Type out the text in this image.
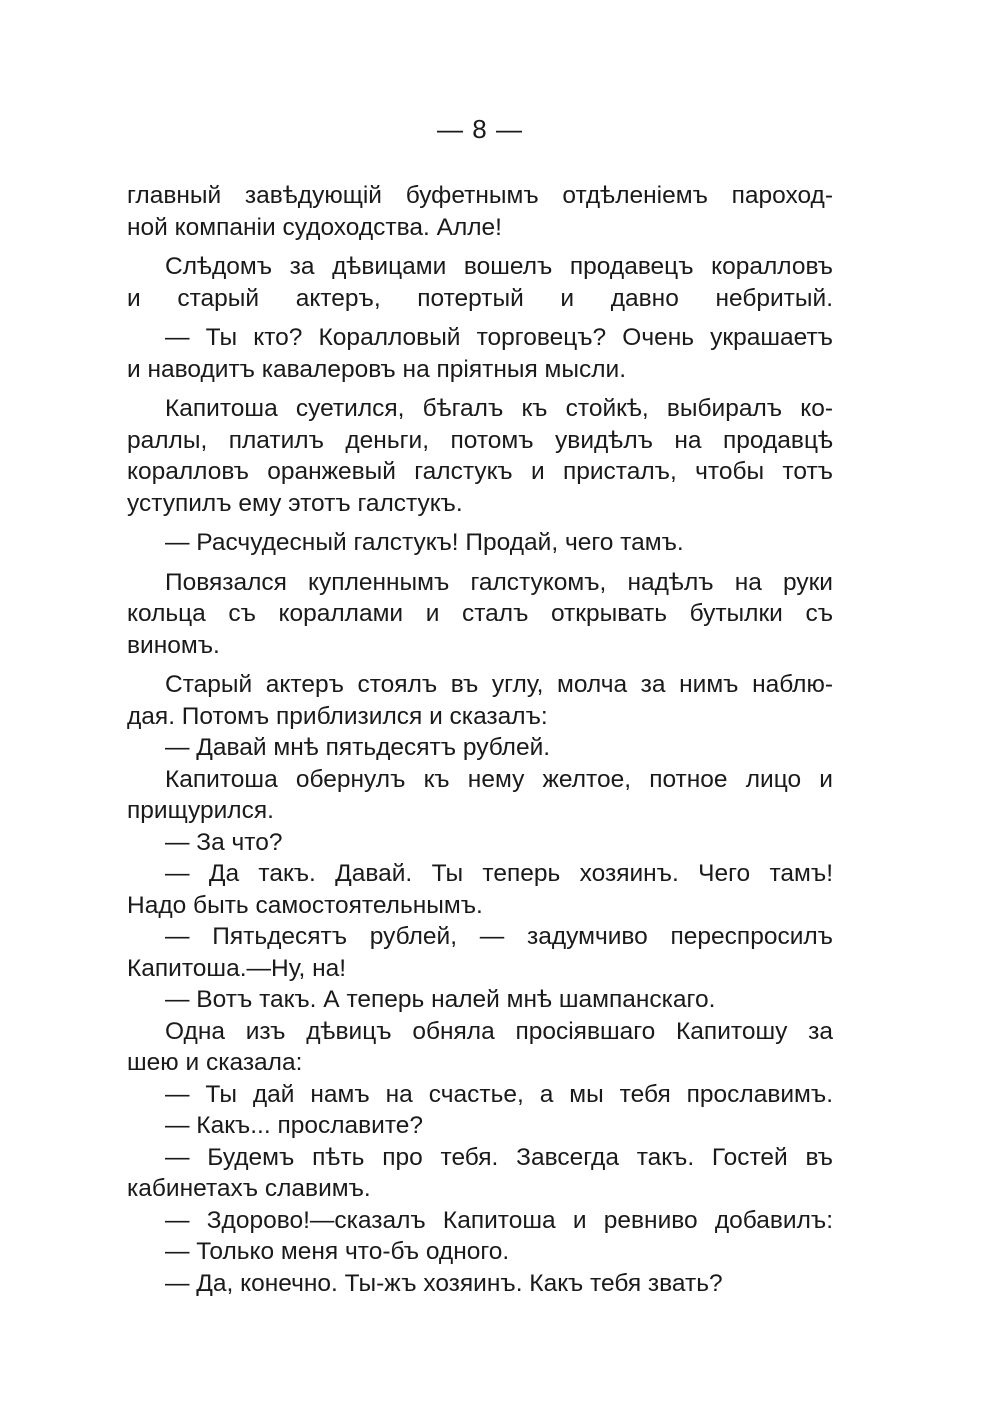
— 8 —
главный завѣдующій буфетнымъ отдѣленіемъ пароход-
ной компаніи судоходства. Алле!
Слѣдомъ за дѣвицами вошелъ продавецъ коралловъ
и старый актеръ, потертый и давно небритый.
— Ты кто? Коралловый торговецъ? Очень украшаетъ
и наводитъ кавалеровъ на пріятныя мысли.
Капитоша суетился, бѣгалъ къ стойкѣ, выбиралъ ко-
раллы, платилъ деньги, потомъ увидѣлъ на продавцѣ
коралловъ оранжевый галстукъ и присталъ, чтобы тотъ
уступилъ ему этотъ галстукъ.
— Расчудесный галстукъ! Продай, чего тамъ.
Повязался купленнымъ галстукомъ, надѣлъ на руки
кольца съ кораллами и сталъ открывать бутылки съ
виномъ.
Старый актеръ стоялъ въ углу, молча за нимъ наблю-
дая. Потомъ приблизился и сказалъ:
— Давай мнѣ пятьдесятъ рублей.
Капитоша обернулъ къ нему желтое, потное лицо и
прищурился.
— За что?
— Да такъ. Давай. Ты теперь хозяинъ. Чего тамъ!
Надо быть самостоятельнымъ.
— Пятьдесятъ рублей, — задумчиво переспросилъ
Капитоша.—Ну, на!
— Вотъ такъ. А теперь налей мнѣ шампанскаго.
Одна изъ дѣвицъ обняла просіявшаго Капитошу за
шею и сказала:
— Ты дай намъ на счастье, а мы тебя прославимъ.
— Какъ... прославите?
— Будемъ пѣть про тебя. Завсегда такъ. Гостей въ
кабинетахъ славимъ.
— Здорово!—сказалъ Капитоша и ревниво добавилъ:
— Только меня что-бъ одного.
— Да, конечно. Ты-жъ хозяинъ. Какъ тебя звать?
